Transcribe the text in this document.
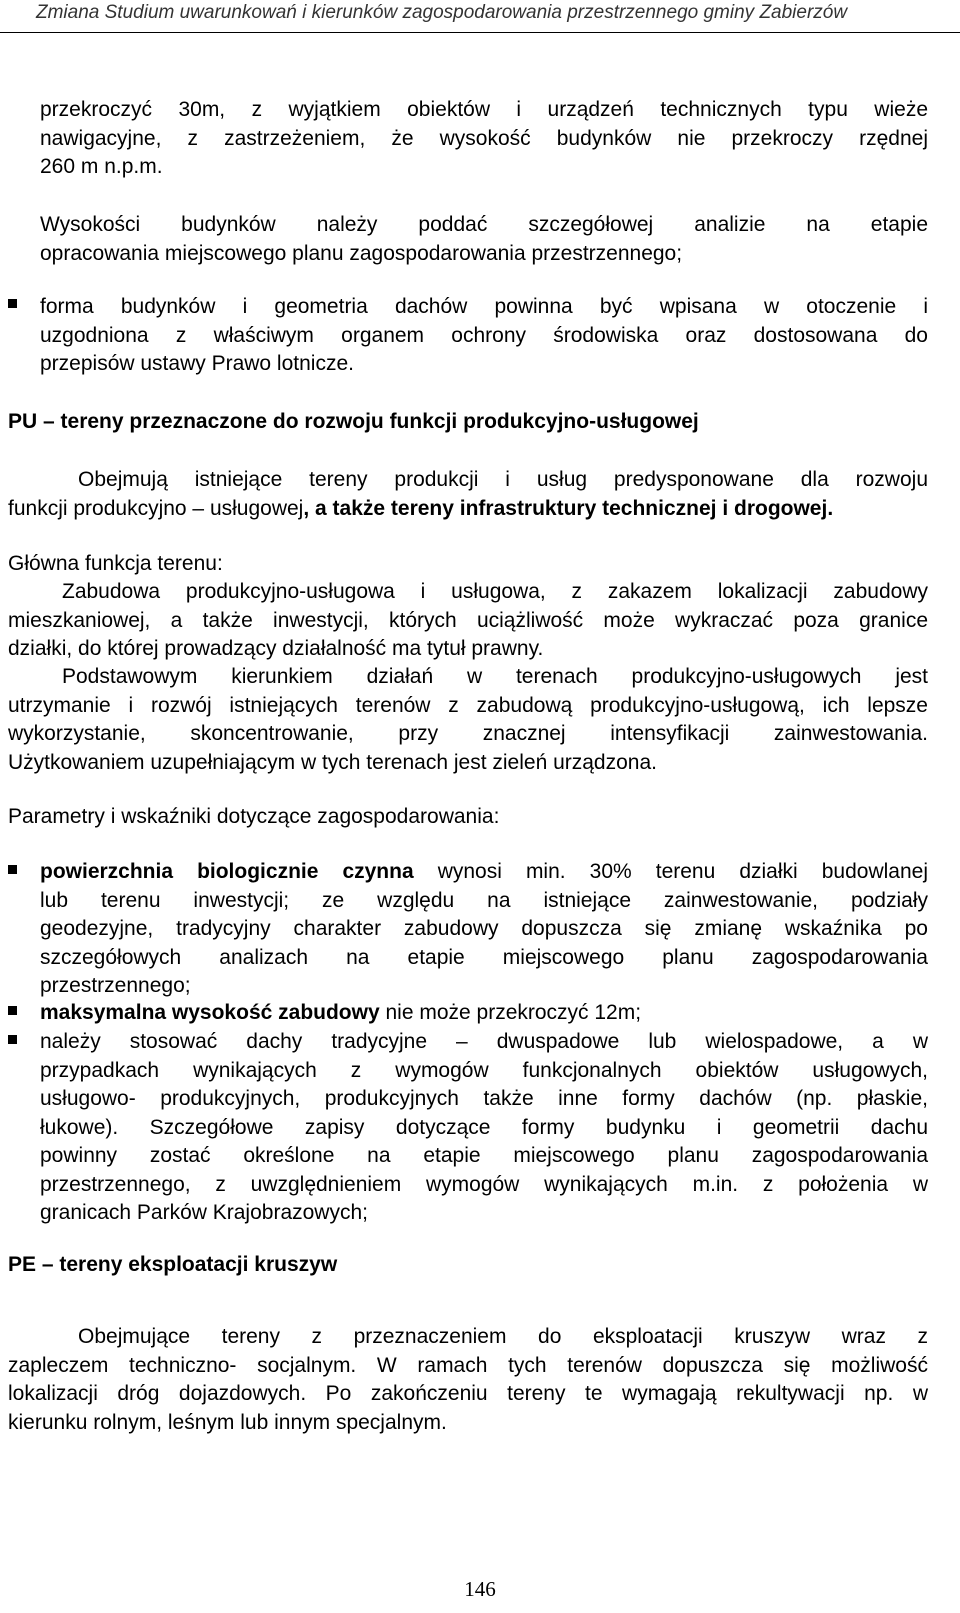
Zmiana Studium uwarunkowań i kierunków zagospodarowania przestrzennego gminy Zabierzów
przekroczyć 30m, z wyjątkiem obiektów i urządzeń technicznych typu wieże
nawigacyjne, z zastrzeżeniem, że wysokość budynków nie przekroczy rzędnej
260 m n.p.m.
Wysokości budynków należy poddać szczegółowej analizie na etapie
opracowania miejscowego planu zagospodarowania przestrzennego;
forma budynków i geometria dachów powinna być wpisana w otoczenie i
uzgodniona z właściwym organem ochrony środowiska oraz dostosowana do
przepisów ustawy Prawo lotnicze.
PU – tereny przeznaczone do rozwoju funkcji produkcyjno-usługowej
Obejmują istniejące tereny produkcji i usług predysponowane dla rozwoju
funkcji produkcyjno – usługowej, a także tereny infrastruktury technicznej i drogowej.
Główna funkcja terenu:
Zabudowa produkcyjno-usługowa i usługowa, z zakazem lokalizacji zabudowy
mieszkaniowej, a także inwestycji, których uciążliwość może wykraczać poza granice
działki, do której prowadzący działalność ma tytuł prawny.
Podstawowym kierunkiem działań w terenach produkcyjno-usługowych jest
utrzymanie i rozwój istniejących terenów z zabudową produkcyjno-usługową, ich lepsze
wykorzystanie, skoncentrowanie, przy znacznej intensyfikacji zainwestowania.
Użytkowaniem uzupełniającym w tych terenach jest zieleń urządzona.
Parametry i wskaźniki dotyczące zagospodarowania:
powierzchnia biologicznie czynna wynosi min. 30% terenu działki budowlanej
lub terenu inwestycji; ze względu na istniejące zainwestowanie, podziały
geodezyjne, tradycyjny charakter zabudowy dopuszcza się zmianę wskaźnika po
szczegółowych analizach na etapie miejscowego planu zagospodarowania
przestrzennego;
maksymalna wysokość zabudowy nie może przekroczyć 12m;
należy stosować dachy tradycyjne – dwuspadowe lub wielospadowe, a w
przypadkach wynikających z wymogów funkcjonalnych obiektów usługowych,
usługowo- produkcyjnych, produkcyjnych także inne formy dachów (np. płaskie,
łukowe). Szczegółowe zapisy dotyczące formy budynku i geometrii dachu
powinny zostać określone na etapie miejscowego planu zagospodarowania
przestrzennego, z uwzględnieniem wymogów wynikających m.in. z położenia w
granicach Parków Krajobrazowych;
PE – tereny eksploatacji kruszyw
Obejmujące tereny z przeznaczeniem do eksploatacji kruszyw wraz z
zapleczem techniczno- socjalnym. W ramach tych terenów dopuszcza się możliwość
lokalizacji dróg dojazdowych. Po zakończeniu tereny te wymagają rekultywacji np. w
kierunku rolnym, leśnym lub innym specjalnym.
146
